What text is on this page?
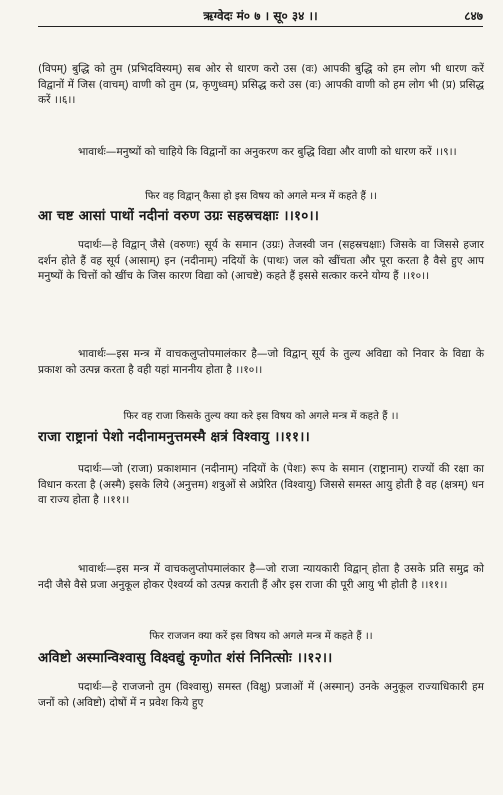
ऋग्वेदः मं० ७ । सू० ३४ ।।	८४७

(विपम्) बुद्धि को तुम (प्रभिदविस्यम्) सब ओर से धारण करो उस (वः) आपकी बुद्धि को हम लोग भी धारण करें विद्वानों में जिस (वाचम्) वाणी को तुम (प्र, कृणुध्वम्) प्रसिद्ध करो उस (वः) आपकी वाणी को हम लोग भी (प्र) प्रसिद्ध करें ।।६।।

भावार्थः—मनुष्यों को चाहिये कि विद्वानों का अनुकरण कर बुद्धि विद्या और वाणी को धारण करें ।।९।।

फिर वह विद्वान् कैसा हो इस विषय को अगले मन्त्र में कहते हैं ।।

आ चष्ट आसां पाथों नदीनां वरुण उग्रः सहस्रचक्षाः ।।१०।।

पदार्थः—हे विद्वान् जैसे (वरुणः) सूर्य के समान (उग्रः) तेजस्वी जन (सहस्रचक्षाः) जिसके वा जिससे हजार दर्शन होते हैं वह सूर्य (आसाम्) इन (नदीनाम्) नदियों के (पाथः) जल को खींचता और पूरा करता है वैसे हुए आप मनुष्यों के चित्तों को खींच के जिस कारण विद्या को (आचष्टे) कहते हैं इससे सत्कार करने योग्य हैं ।।१०।।

भावार्थः—इस मन्त्र में वाचकलुप्तोपमालंकार है—जो विद्वान् सूर्य के तुल्य अविद्या को निवार के विद्या के प्रकाश को उत्पन्न करता है वही यहां माननीय होता है ।।१०।।

फिर वह राजा किसके तुल्य क्या करे इस विषय को अगले मन्त्र में कहते हैं ।।

राजा राष्ट्रानां पेशो नदीनामनुत्तमस्मै क्षत्रं विश्वायु ।।११।।

पदार्थः—जो (राजा) प्रकाशमान (नदीनाम्) नदियों के (पेशः) रूप के समान (राष्ट्रानाम्) राज्यों की रक्षा का विधान करता है (अस्मै) इसके लिये (अनुत्तम) शत्रुओं से अप्रेरित (विश्वायु) जिससे समस्त आयु होती है वह (क्षत्रम्) धन वा राज्य होता है ।।११।।

भावार्थः—इस मन्त्र में वाचकलुप्तोपमालंकार है—जो राजा न्यायकारी विद्वान् होता है उसके प्रति समुद्र को नदी जैसे वैसे प्रजा अनुकूल होकर ऐश्वर्य्य को उत्पन्न कराती हैं और इस राजा की पूरी आयु भी होती है ।।११।।

फिर राजजन क्या करें इस विषय को अगले मन्त्र में कहते हैं ।।

अविष्टो अस्मान्विश्वासु विक्ष्वद्युं कृणोत शंसं निनित्सोः ।।१२।।

पदार्थः—हे राजजनो तुम (विश्वासु) समस्त (विक्षु) प्रजाओं में (अस्मान्) उनके अनुकूल राज्याधिकारी हम जनों को (अविष्टो) दोषों में न प्रवेश किये हुए
